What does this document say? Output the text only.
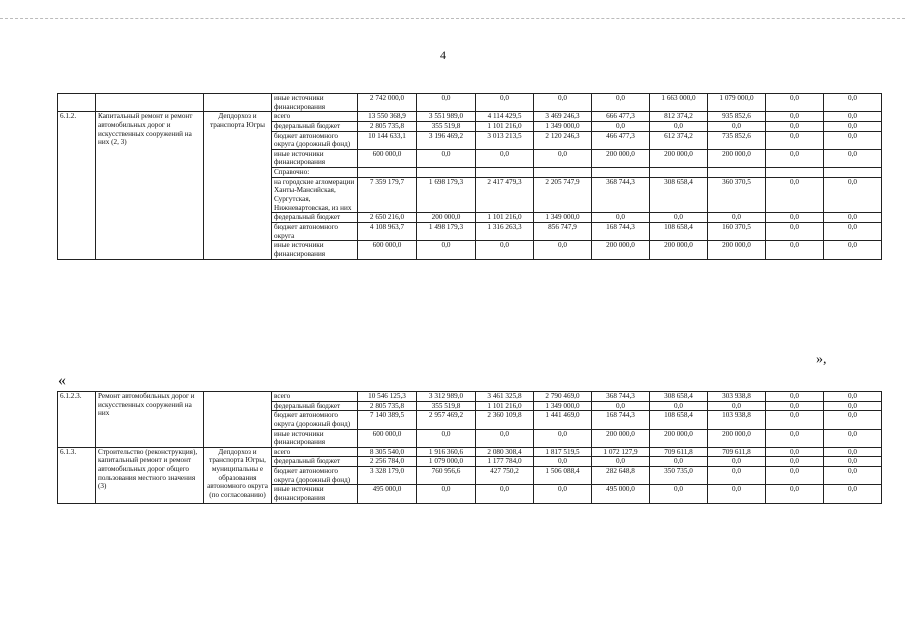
4
			иные источники финансирования	2 742 000,0	0,0	0,0	0,0	0,0	1 663 000,0	1 079 000,0	0,0	0,0
6.1.2.	Капитальный ремонт и ремонт автомобильных дорог и искусственных сооружений на них (2, 3)	Депдорхоз и транспорта Югры	всего	13 550 368,9	3 551 989,0	4 114 429,5	3 469 246,3	666 477,3	812 374,2	935 852,6	0,0	0,0
			федеральный бюджет	2 805 735,8	355 519,8	1 101 216,0	1 349 000,0	0,0	0,0	0,0	0,0	0,0
			бюджет автономного округа (дорожный фонд)	10 144 633,1	3 196 469,2	3 013 213,5	2 120 246,3	466 477,3	612 374,2	735 852,6	0,0	0,0
			иные источники финансирования	600 000,0	0,0	0,0	0,0	200 000,0	200 000,0	200 000,0	0,0	0,0
			Справочно:									
			на городские агломерации Ханты-Мансийская, Сургутская, Нижневартовская, из них	7 359 179,7	1 698 179,3	2 417 479,3	2 205 747,9	368 744,3	308 658,4	360 370,5	0,0	0,0
			федеральный бюджет	2 650 216,0	200 000,0	1 101 216,0	1 349 000,0	0,0	0,0	0,0	0,0	0,0
			бюджет автономного округа	4 108 963,7	1 498 179,3	1 316 263,3	856 747,9	168 744,3	108 658,4	160 370,5	0,0	0,0
			иные источники финансирования	600 000,0	0,0	0,0	0,0	200 000,0	200 000,0	200 000,0	0,0	0,0
»,
«
6.1.2.3.	Ремонт автомобильных дорог и искусственных сооружений на них		всего	10 546 125,3	3 312 989,0	3 461 325,8	2 790 469,0	368 744,3	308 658,4	303 938,8	0,0	0,0
			федеральный бюджет	2 805 735,8	355 519,8	1 101 216,0	1 349 000,0	0,0	0,0	0,0	0,0	0,0
			бюджет автономного округа (дорожный фонд)	7 140 389,5	2 957 469,2	2 360 109,8	1 441 469,0	168 744,3	108 658,4	103 938,8	0,0	0,0
			иные источники финансирования	600 000,0	0,0	0,0	0,0	200 000,0	200 000,0	200 000,0	0,0	0,0
6.1.3.	Строительство (реконструкция), капитальный ремонт и ремонт автомобильных дорог общего пользования местного значения (3)	Депдорхоз и транспорта Югры, муниципальны е образования автономного округа (по согласованию)	всего	8 305 540,0	1 916 360,6	2 080 308,4	1 817 519,5	1 072 127,9	709 611,8	709 611,8	0,0	0,0
			федеральный бюджет	2 256 784,0	1 079 000,0	1 177 784,0	0,0	0,0	0,0	0,0	0,0	0,0
			бюджет автономного округа (дорожный фонд)	3 328 179,0	760 956,6	427 750,2	1 506 088,4	282 648,8	350 735,0	0,0	0,0	0,0
			иные источники финансирования	495 000,0	0,0	0,0	0,0	495 000,0	0,0	0,0	0,0	0,0
